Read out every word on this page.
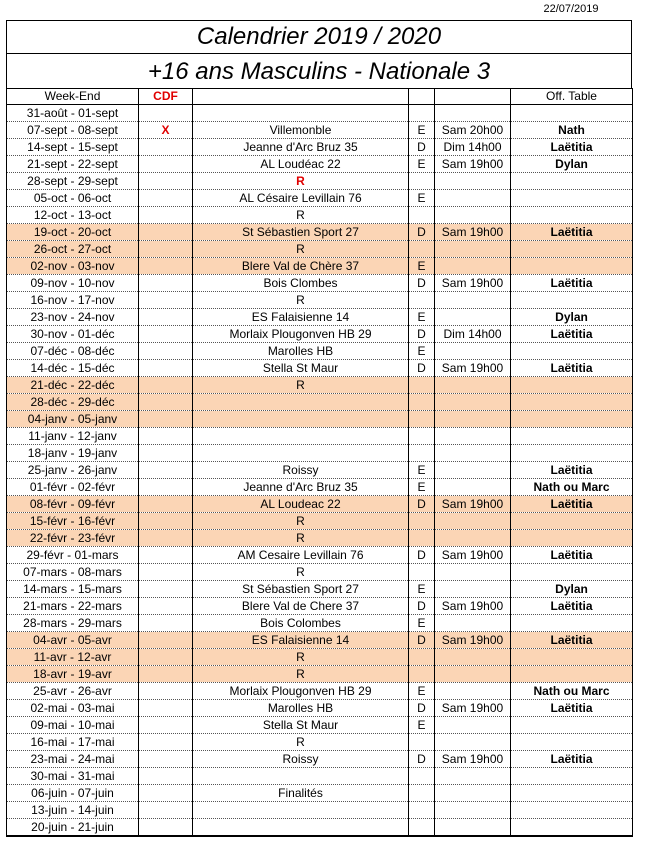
22/07/2019
Calendrier 2019 / 2020
+16 ans Masculins - Nationale 3
Week-End	CDF				Off. Table
31-août - 01-sept					
07-sept - 08-sept	X	Villemonble	E	Sam 20h00	Nath
14-sept - 15-sept		Jeanne d'Arc Bruz 35	D	Dim 14h00	Laëtitia
21-sept - 22-sept		AL Loudéac 22	E	Sam 19h00	Dylan
28-sept - 29-sept		R			
05-oct - 06-oct		AL Césaire Levillain 76	E		
12-oct - 13-oct		R			
19-oct - 20-oct		St Sébastien Sport 27	D	Sam 19h00	Laëtitia
26-oct - 27-oct		R			
02-nov - 03-nov		Blere Val de Chère 37	E		
09-nov - 10-nov		Bois Clombes	D	Sam 19h00	Laëtitia
16-nov - 17-nov		R			
23-nov - 24-nov		ES Falaisienne 14	E		Dylan
30-nov - 01-déc		Morlaix Plougonven HB 29	D	Dim 14h00	Laëtitia
07-déc - 08-déc		Marolles HB	E		
14-déc - 15-déc		Stella St Maur	D	Sam 19h00	Laëtitia
21-déc - 22-déc		R			
28-déc - 29-déc					
04-janv - 05-janv					
11-janv - 12-janv					
18-janv - 19-janv					
25-janv - 26-janv		Roissy	E		Laëtitia
01-févr - 02-févr		Jeanne d'Arc Bruz 35	E		Nath ou Marc
08-févr - 09-févr		AL Loudeac 22	D	Sam 19h00	Laëtitia
15-févr - 16-févr		R			
22-févr - 23-févr		R			
29-févr - 01-mars		AM Cesaire Levillain 76	D	Sam 19h00	Laëtitia
07-mars - 08-mars		R			
14-mars - 15-mars		St Sébastien Sport 27	E		Dylan
21-mars - 22-mars		Blere Val de Chere 37	D	Sam 19h00	Laëtitia
28-mars - 29-mars		Bois Colombes	E		
04-avr - 05-avr		ES Falaisienne 14	D	Sam 19h00	Laëtitia
11-avr - 12-avr		R			
18-avr - 19-avr		R			
25-avr - 26-avr		Morlaix Plougonven HB 29	E		Nath ou Marc
02-mai - 03-mai		Marolles HB	D	Sam 19h00	Laëtitia
09-mai - 10-mai		Stella St Maur	E		
16-mai - 17-mai		R			
23-mai - 24-mai		Roissy	D	Sam 19h00	Laëtitia
30-mai - 31-mai					
06-juin - 07-juin		Finalités			
13-juin - 14-juin					
20-juin - 21-juin					
